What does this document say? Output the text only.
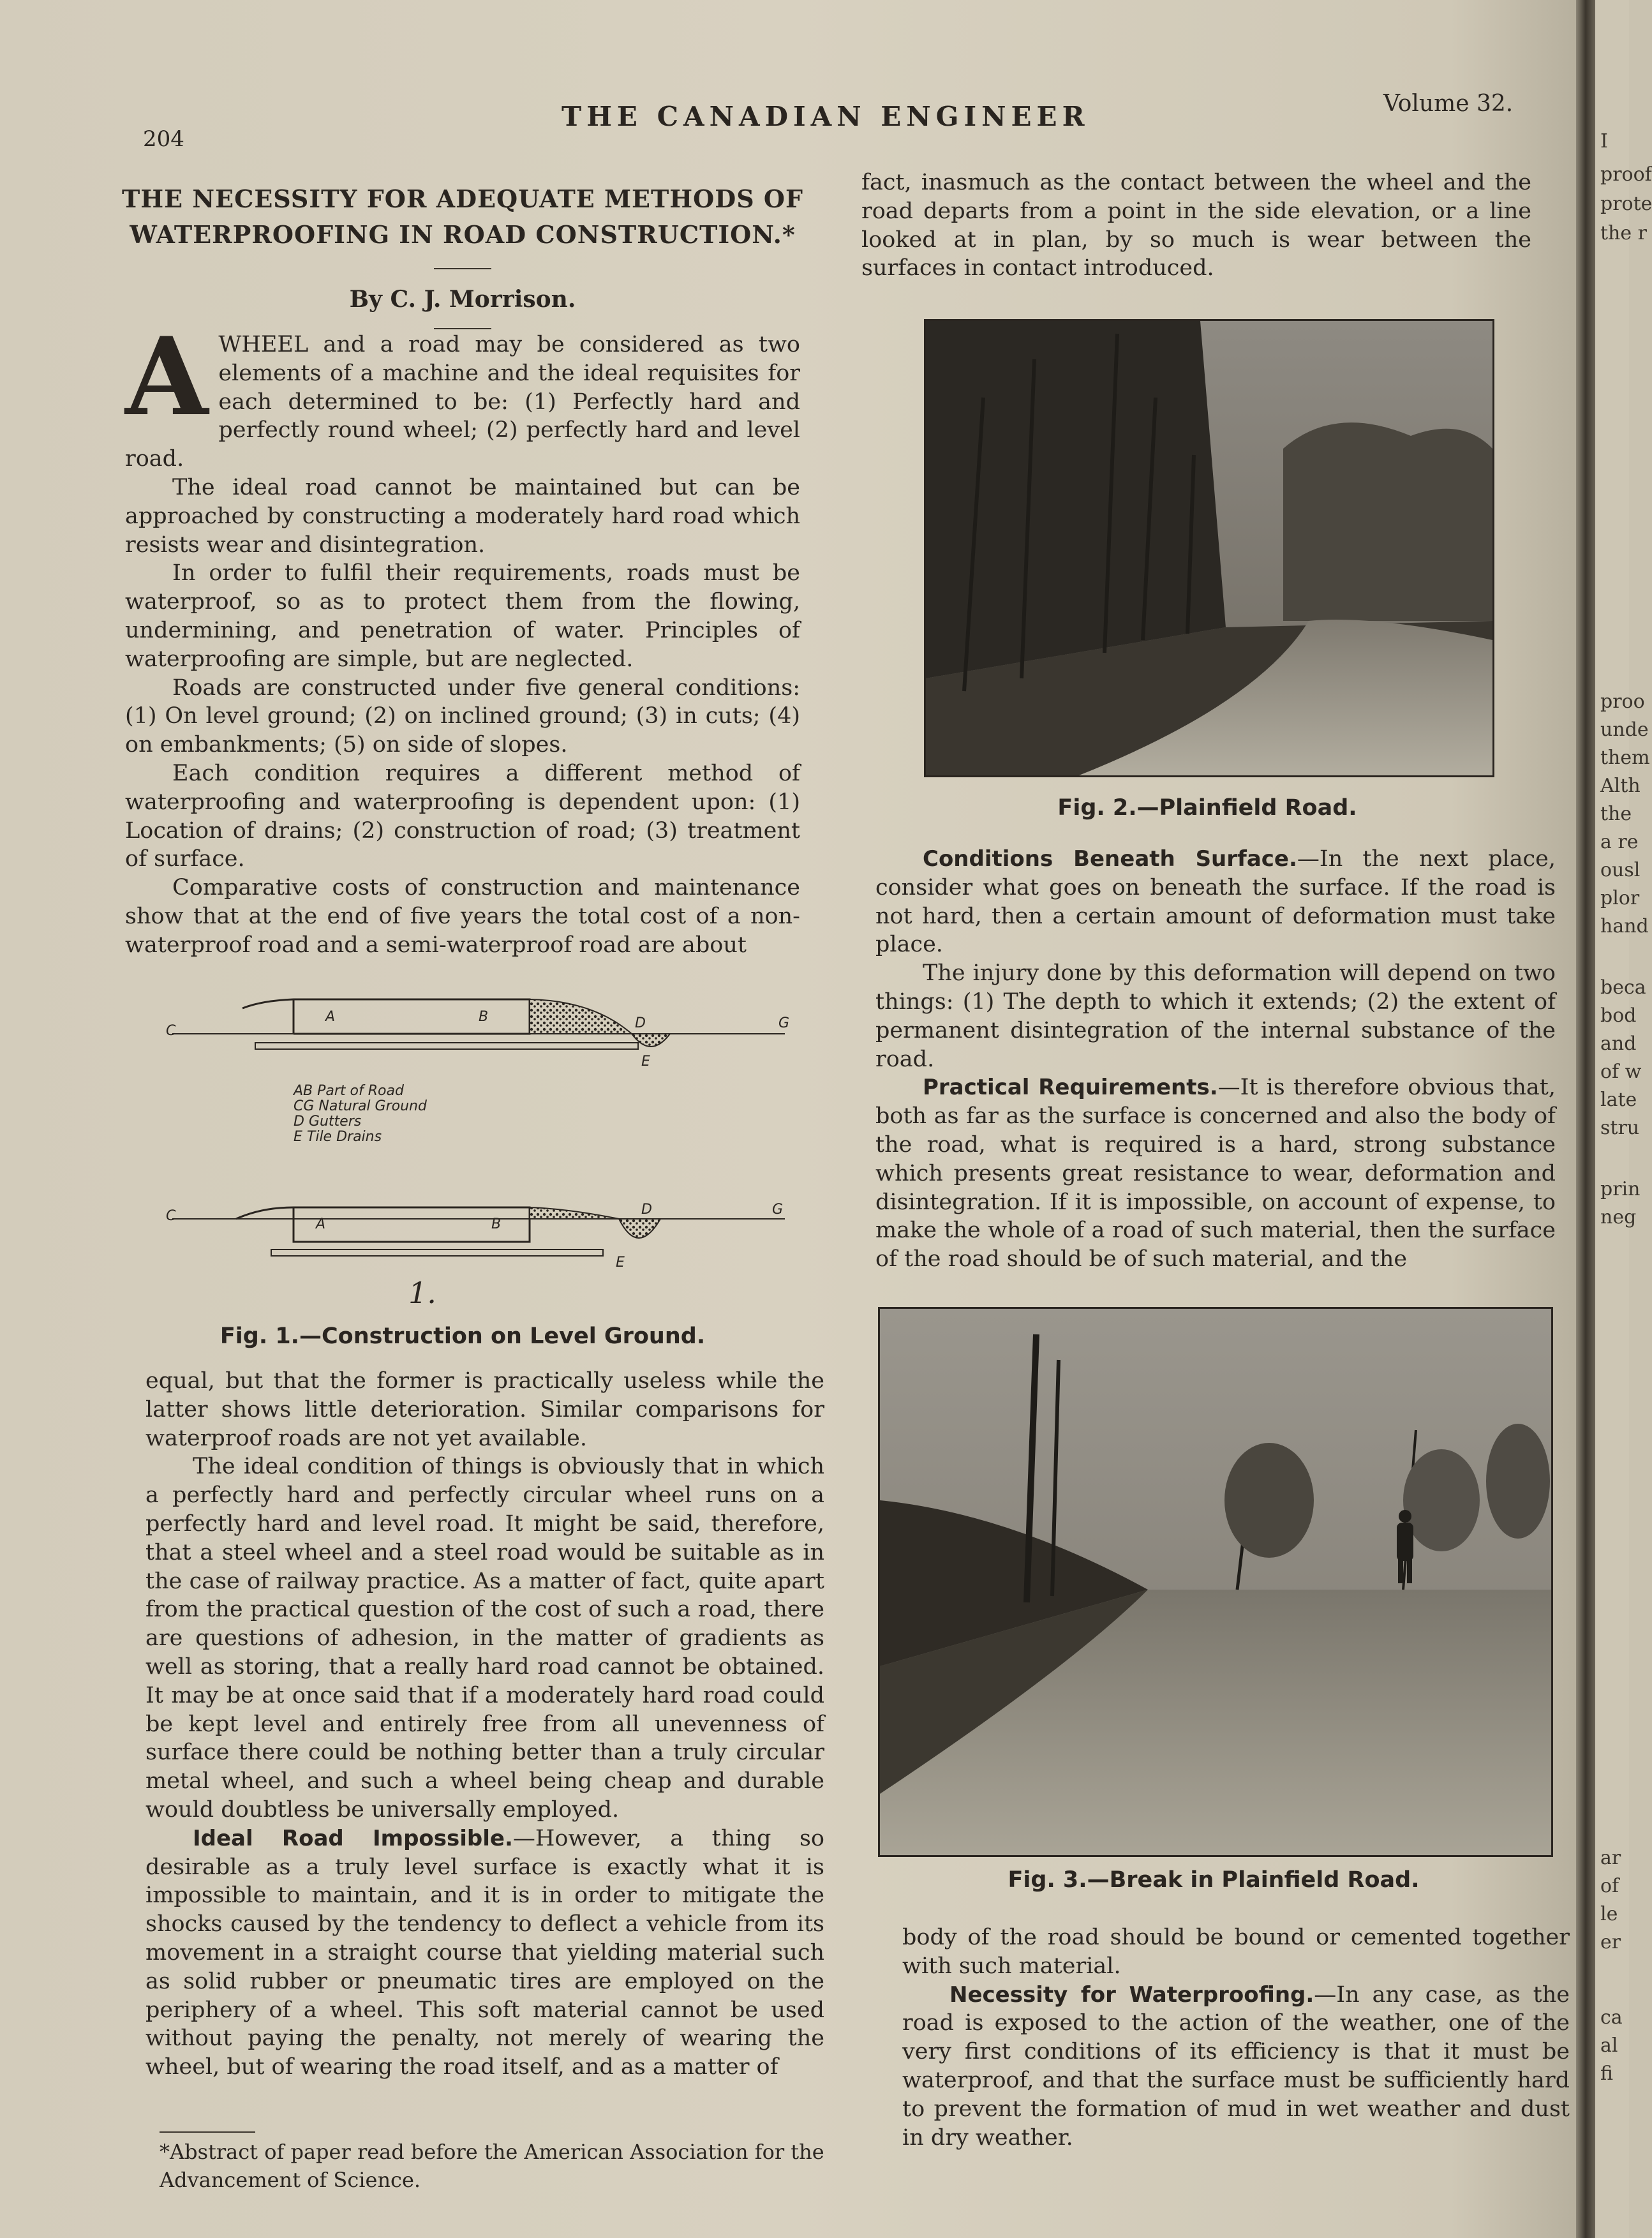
I
proof
prote
the r
proo
unde
them
Alth
the
a re
ousl
plor
hand
beca
bod
and
of w
late
stru
prin
neg
ar
of
le
er
ca
al
fi
204
THE CANADIAN ENGINEER	Volume 32.
THE NECESSITY FOR ADEQUATE METHODS OF
WATERPROOFING IN ROAD CONSTRUCTION.*
By C. J. Morrison.

AWHEEL and a road may be considered as two elements of a machine and the ideal requisites for each determined to be: (1) Perfectly hard and perfectly round wheel; (2) perfectly hard and level road.

The ideal road cannot be maintained but can be approached by constructing a moderately hard road which resists wear and disintegration.

In order to fulfil their requirements, roads must be waterproof, so as to protect them from the flowing, undermining, and penetration of water. Principles of waterproofing are simple, but are neglected.

Roads are constructed under five general conditions: (1) On level ground; (2) on inclined ground; (3) in cuts; (4) on embankments; (5) on side of slopes.

Each condition requires a different method of waterproofing and waterproofing is dependent upon: (1) Location of drains; (2) construction of road; (3) treatment of surface.

Comparative costs of construction and maintenance show that at the end of five years the total cost of a non-waterproof road and a semi-waterproof road are about

C
A	B	D
E
G
AB Part of Road
CG Natural Ground
D Gutters
E Tile Drains
C
A	B
D
E
G
1.
Fig. 1.—Construction on Level Ground.

equal, but that the former is practically useless while the latter shows little deterioration. Similar comparisons for waterproof roads are not yet available.

The ideal condition of things is obviously that in which a perfectly hard and perfectly circular wheel runs on a perfectly hard and level road. It might be said, therefore, that a steel wheel and a steel road would be suitable as in the case of railway practice. As a matter of fact, quite apart from the practical question of the cost of such a road, there are questions of adhesion, in the matter of gradients as well as storing, that a really hard road cannot be obtained. It may be at once said that if a moderately hard road could be kept level and entirely free from all unevenness of surface there could be nothing better than a truly circular metal wheel, and such a wheel being cheap and durable would doubtless be universally employed.

Ideal Road Impossible.—However, a thing so desirable as a truly level surface is exactly what it is impossible to maintain, and it is in order to mitigate the shocks caused by the tendency to deflect a vehicle from its movement in a straight course that yielding material such as solid rubber or pneumatic tires are employed on the periphery of a wheel. This soft material cannot be used without paying the penalty, not merely of wearing the wheel, but of wearing the road itself, and as a matter of

*Abstract of paper read before the American Association for the Advancement of Science.

fact, inasmuch as the contact between the wheel and the road departs from a point in the side elevation, or a line looked at in plan, by so much is wear between the surfaces in contact introduced.

Fig. 2.—Plainfield Road.

Conditions Beneath Surface.—In the next place, consider what goes on beneath the surface. If the road is not hard, then a certain amount of deformation must take place.

The injury done by this deformation will depend on two things: (1) The depth to which it extends; (2) the extent of permanent disintegration of the internal substance of the road.

Practical Requirements.—It is therefore obvious that, both as far as the surface is concerned and also the body of the road, what is required is a hard, strong substance which presents great resistance to wear, deformation and disintegration. If it is impossible, on account of expense, to make the whole of a road of such material, then the surface of the road should be of such material, and the

Fig. 3.—Break in Plainfield Road.

body of the road should be bound or cemented together with such material.

Necessity for Waterproofing.—In any case, as the road is exposed to the action of the weather, one of the very first conditions of its efficiency is that it must be waterproof, and that the surface must be sufficiently hard to prevent the formation of mud in wet weather and dust in dry weather.
